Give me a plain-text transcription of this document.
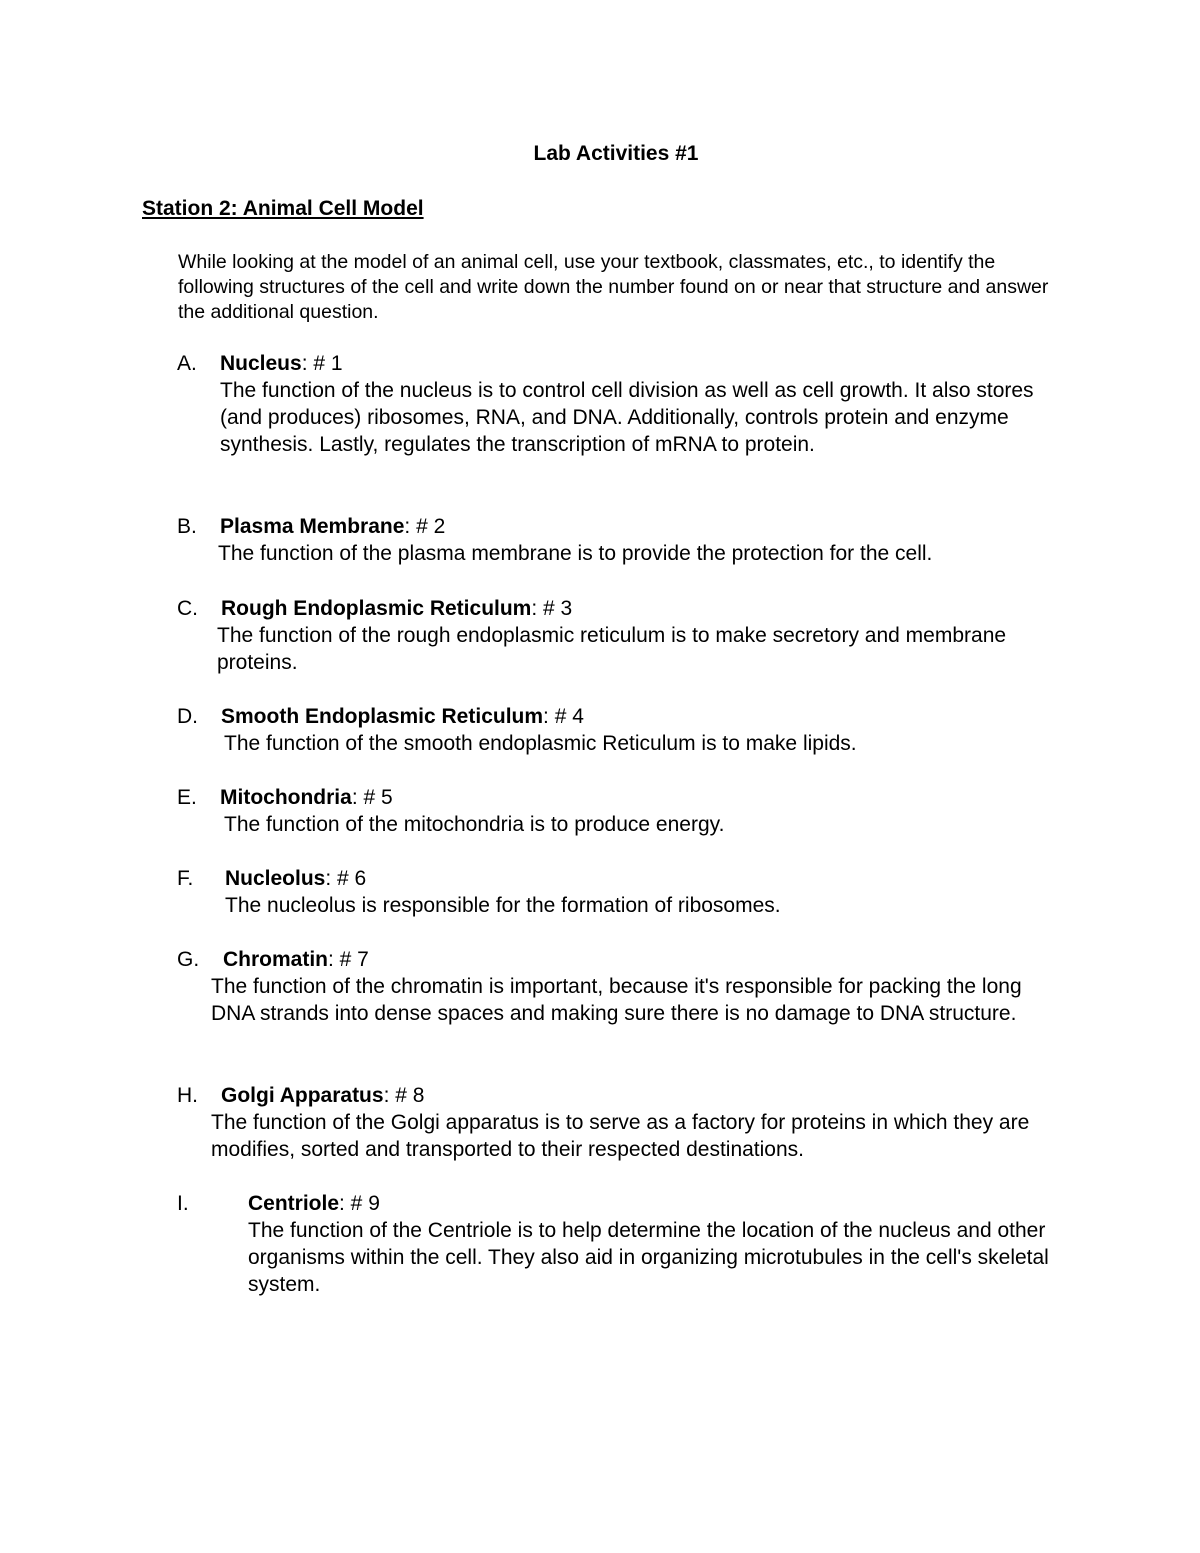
Lab Activities #1
Station 2: Animal Cell Model

While looking at the model of an animal cell, use your textbook, classmates, etc., to identify the following structures of the cell and write down the number found on or near that structure and answer the additional question.

A. Nucleus: # 1

The function of the nucleus is to control cell division as well as cell growth. It also stores (and produces) ribosomes, RNA, and DNA. Additionally, controls protein and enzyme synthesis. Lastly, regulates the transcription of mRNA to protein.

B. Plasma Membrane: # 2

The function of the plasma membrane is to provide the protection for the cell.

C. Rough Endoplasmic Reticulum: # 3

The function of the rough endoplasmic reticulum is to make secretory and membrane proteins.

D. Smooth Endoplasmic Reticulum: # 4

The function of the smooth endoplasmic Reticulum is to make lipids.

E. Mitochondria: # 5

The function of the mitochondria is to produce energy.

F. Nucleolus: # 6

The nucleolus is responsible for the formation of ribosomes.

G. Chromatin: # 7

The function of the chromatin is important, because it's responsible for packing the long DNA strands into dense spaces and making sure there is no damage to DNA structure.

H. Golgi Apparatus: # 8

The function of the Golgi apparatus is to serve as a factory for proteins in which they are modifies, sorted and transported to their respected destinations.

I.	Centriole: # 9

The function of the Centriole is to help determine the location of the nucleus and other organisms within the cell. They also aid in organizing microtubules in the cell's skeletal system.
